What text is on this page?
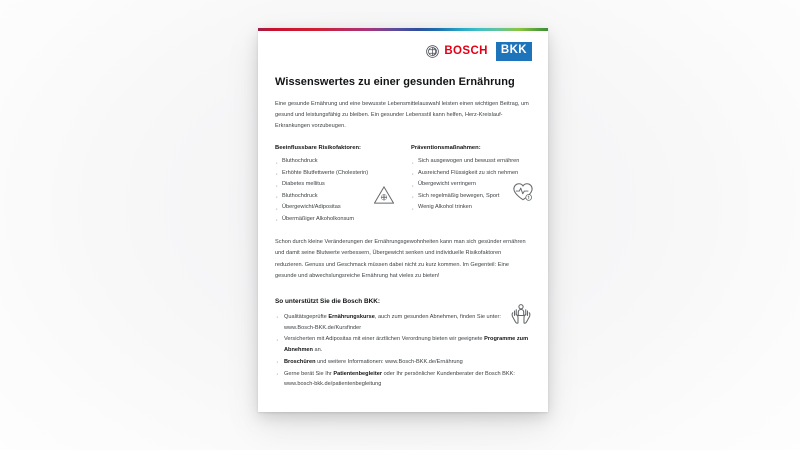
BOSCH	BKK
Wissenswertes zu einer gesunden Ernährung

Eine gesunde Ernährung und eine bewusste Lebensmittelauswahl leisten einen wichtigen Beitrag, um gesund und leistungsfähig zu bleiben. Ein gesunder Lebensstil kann helfen, Herz-Kreislauf-Erkrankungen vorzubeugen.

Beeinflussbare Risikofaktoren:
· Bluthochdruck
· Erhöhte Blutfettwerte (Cholesterin)
· Diabetes mellitus
· Bluthochdruck
· Übergewicht/Adipositas
· Übermäßiger Alkoholkonsum
Präventionsmaßnahmen:
· Sich ausgewogen und bewusst ernähren
· Ausreichend Flüssigkeit zu sich nehmen
· Übergewicht verringern
· Sich regelmäßig bewegen, Sport
· Wenig Alkohol trinken

Schon durch kleine Veränderungen der Ernährungsgewohnheiten kann man sich gesünder ernähren und damit seine Blutwerte verbessern, Übergewicht senken und individuelle Risikofaktoren reduzieren. Genuss und Geschmack müssen dabei nicht zu kurz kommen. Im Gegenteil: Eine gesunde und abwechslungsreiche Ernährung hat vieles zu bieten!

So unterstützt Sie die Bosch BKK:
· Qualitätsgeprüfte Ernährungskurse, auch zum gesunden Abnehmen, finden Sie unter: www.Bosch-BKK.de/Kursfinder
· Versicherten mit Adipositas mit einer ärztlichen Verordnung bieten wir geeignete Programme zum Abnehmen an.
· Broschüren und weitere Informationen: www.Bosch-BKK.de/Ernährung
· Gerne berät Sie Ihr Patientenbegleiter oder Ihr persönlicher Kundenberater der Bosch BKK: www.bosch-bkk.de/patientenbegleitung
